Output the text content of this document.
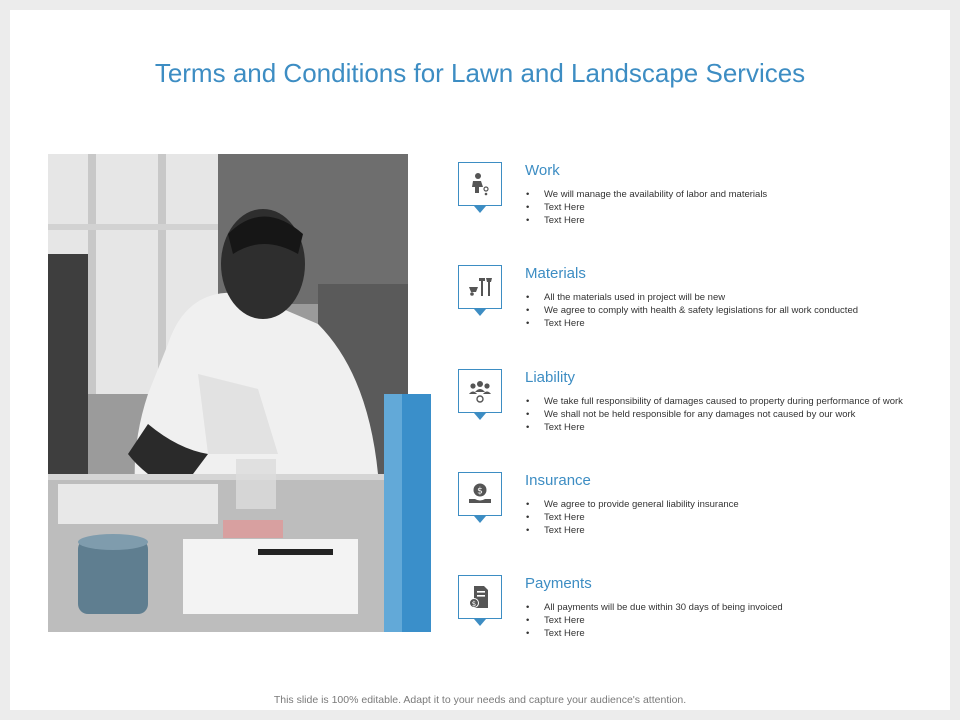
Terms and Conditions for Lawn and Landscape Services
Work
• We will manage the availability of labor and materials
• Text Here
• Text Here
Materials
• All the materials used in project will be new
• We agree to comply with health & safety legislations for all work conducted
• Text Here
Liability
• We take full responsibility of damages caused to property during performance of work
• We shall not be held responsible for any damages not caused by our work
• Text Here
$
Insurance
• We agree to provide general liability insurance
• Text Here
• Text Here
$
Payments
• All payments will be due within 30 days of being invoiced
• Text Here
• Text Here
This slide is 100% editable. Adapt it to your needs and capture your audience's attention.
